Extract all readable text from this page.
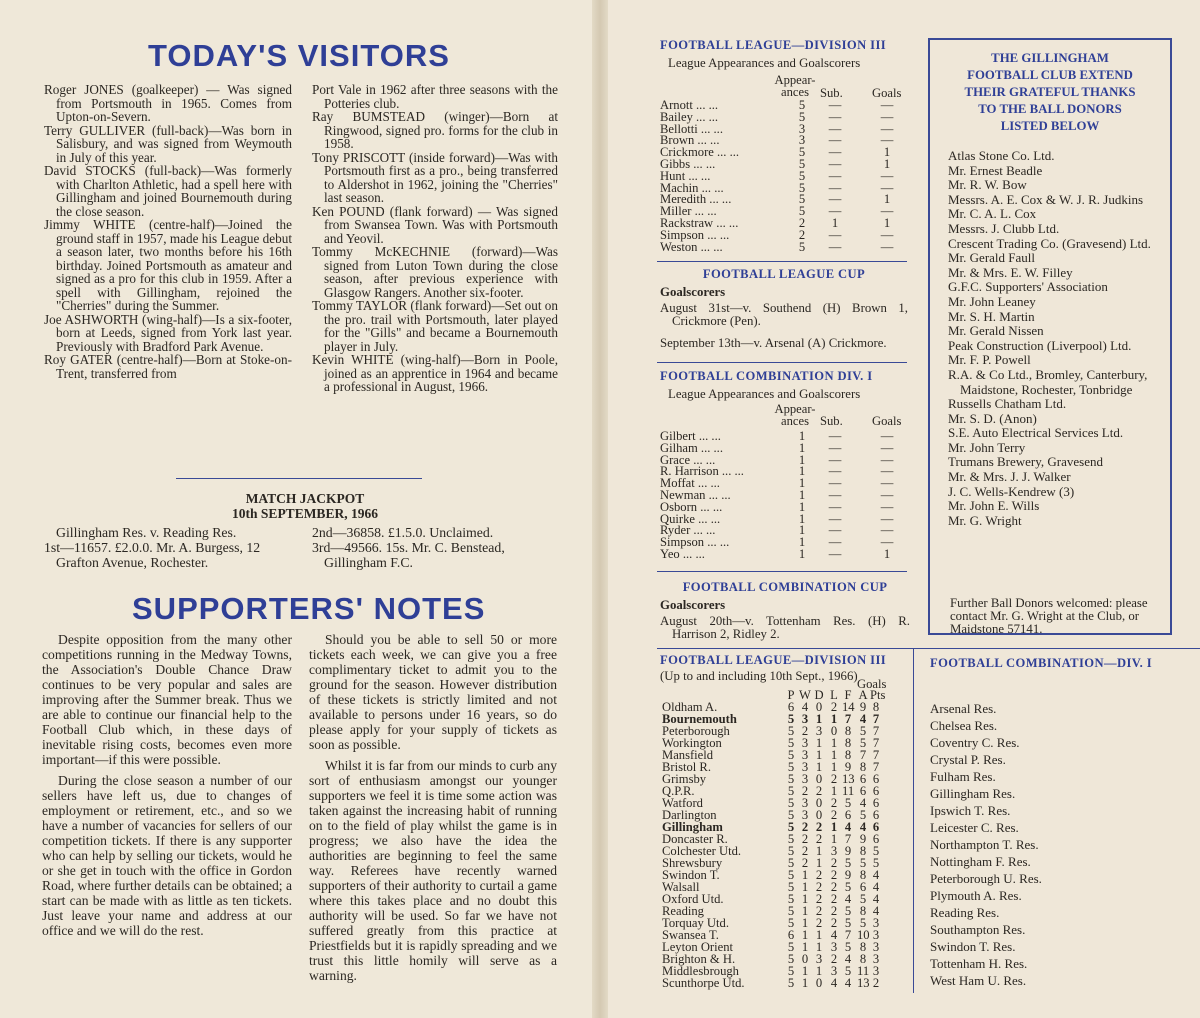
TODAY'S VISITORS

Roger JONES (goalkeeper) — Was signed from Portsmouth in 1965. Comes from Upton-on-Severn.

Terry GULLIVER (full-back)—Was born in Salisbury, and was signed from Weymouth in July of this year.

David STOCKS (full-back)—Was formerly with Charlton Athletic, had a spell here with Gillingham and joined Bournemouth during the close season.

Jimmy WHITE (centre-half)—Joined the ground staff in 1957, made his League debut a season later, two months before his 16th birthday. Joined Portsmouth as amateur and signed as a pro for this club in 1959. After a spell with Gillingham, rejoined the "Cherries" during the Summer.

Joe ASHWORTH (wing-half)—Is a six-footer, born at Leeds, signed from York last year. Previously with Bradford Park Avenue.

Roy GATER (centre-half)—Born at Stoke-on-Trent, transferred from

Port Vale in 1962 after three seasons with the Potteries club.

Ray BUMSTEAD (winger)—Born at Ringwood, signed pro. forms for the club in 1958.

Tony PRISCOTT (inside forward)—Was with Portsmouth first as a pro., being transferred to Aldershot in 1962, joining the "Cherries" last season.

Ken POUND (flank forward) — Was signed from Swansea Town. Was with Portsmouth and Yeovil.

Tommy McKECHNIE (forward)—Was signed from Luton Town during the close season, after previous experience with Glasgow Rangers. Another six-footer.

Tommy TAYLOR (flank forward)—Set out on the pro. trail with Portsmouth, later played for the "Gills" and became a Bournemouth player in July.

Kevin WHITE (wing-half)—Born in Poole, joined as an apprentice in 1964 and became a professional in August, 1966.

MATCH JACKPOT
10th SEPTEMBER, 1966
Gillingham Res. v. Reading Res.
1st—11657. £2.0.0. Mr. A. Burgess, 12
Grafton Avenue, Rochester.
2nd—36858. £1.5.0. Unclaimed.
3rd—49566. 15s. Mr. C. Benstead,
Gillingham F.C.
SUPPORTERS' NOTES

Despite opposition from the many other competitions running in the Medway Towns, the Association's Double Chance Draw continues to be very popular and sales are improving after the Summer break. Thus we are able to continue our financial help to the Football Club which, in these days of inevitable rising costs, becomes even more important—if this were possible.

During the close season a number of our sellers have left us, due to changes of employment or retirement, etc., and so we have a number of vacancies for sellers of our competition tickets. If there is any supporter who can help by selling our tickets, would he or she get in touch with the office in Gordon Road, where further details can be obtained; a start can be made with as little as ten tickets. Just leave your name and address at our office and we will do the rest.

Should you be able to sell 50 or more tickets each week, we can give you a free complimentary ticket to admit you to the ground for the season. However distribution of these tickets is strictly limited and not available to persons under 16 years, so do please apply for your supply of tickets as soon as possible.

Whilst it is far from our minds to curb any sort of enthusiasm amongst our younger supporters we feel it is time some action was taken against the increasing habit of running on to the field of play whilst the game is in progress; we also have the idea the authorities are beginning to feel the same way. Referees have recently warned supporters of their authority to curtail a game where this takes place and no doubt this authority will be used. So far we have not suffered greatly from this practice at Priestfields but it is rapidly spreading and we trust this little homily will serve as a warning.

FOOTBALL LEAGUE—DIVISION III

League Appearances and Goalscorers

Appear-
ances Sub. Goals
Arnott ... ...	5 —	—
Bailey ... ...	5 —	—
Bellotti ... ...	3 —	—
Brown ... ...	3 —	—
Crickmore ... ...	5 —	1
Gibbs ... ...	5 —	1
Hunt ... ...	5 —	—
Machin ... ...	5 —	—
Meredith ... ...	5 —	1
Miller ... ...	5 —	—
Rackstraw ... ...	2	1	1
Simpson ... ...	2 —	—
Weston ... ...	5 —	—

FOOTBALL LEAGUE CUP

Goalscorers

August 31st—v. Southend (H) Brown 1, Crickmore (Pen).

September 13th—v. Arsenal (A) Crickmore.

FOOTBALL COMBINATION DIV. I

League Appearances and Goalscorers

Appear-
ances Sub. Goals
Gilbert ... ...	1 —	—
Gilham ... ...	1 —	—
Grace ... ...	1 —	—
R. Harrison ... ...	1 —	—
Moffat ... ...	1 —	—
Newman ... ...	1 —	—
Osborn ... ...	1 —	—
Quirke ... ...	1 —	—
Ryder ... ...	1 —	—
Simpson ... ...	1 —	—
Yeo ... ...	1 —	1

FOOTBALL COMBINATION CUP

Goalscorers

August 20th—v. Tottenham Res. (H) R. Harrison 2, Ridley 2.

THE GILLINGHAM
FOOTBALL CLUB EXTEND
THEIR GRATEFUL THANKS
TO THE BALL DONORS
LISTED BELOW
Atlas Stone Co. Ltd.
Mr. Ernest Beadle
Mr. R. W. Bow
Messrs. A. E. Cox & W. J. R. Judkins
Mr. C. A. L. Cox
Messrs. J. Clubb Ltd.
Crescent Trading Co. (Gravesend) Ltd.
Mr. Gerald Faull
Mr. & Mrs. E. W. Filley
G.F.C. Supporters' Association
Mr. John Leaney
Mr. S. H. Martin
Mr. Gerald Nissen
Peak Construction (Liverpool) Ltd.
Mr. F. P. Powell
R.A. & Co Ltd., Bromley, Canterbury, Maidstone, Rochester, Tonbridge
Russells Chatham Ltd.
Mr. S. D. (Anon)
S.E. Auto Electrical Services Ltd.
Mr. John Terry
Trumans Brewery, Gravesend
Mr. & Mrs. J. J. Walker
J. C. Wells-Kendrew (3)
Mr. John E. Wills
Mr. G. Wright
Further Ball Donors welcomed: please contact Mr. G. Wright at the Club, or Maidstone 57141.

FOOTBALL LEAGUE—DIVISION III

(Up to and including 10th Sept., 1966)

Goals
P W D L F A Pts
Oldham A.	6 4 0 2 14 9 8
Bournemouth	5 3 1 1 7 4 7
Peterborough	5 2 3 0 8 5 7
Workington	5 3 1 1 8 5 7
Mansfield	5 3 1 1 8 7 7
Bristol R.	5 3 1 1 9 8 7
Grimsby	5 3 0 2 13 6 6
Q.P.R.	5 2 2 1 11 6 6
Watford	5 3 0 2 5 4 6
Darlington	5 3 0 2 6 5 6
Gillingham	5 2 2 1 4 4 6
Doncaster R.	5 2 2 1 7 9 6
Colchester Utd.	5 2 1 3 9 8 5
Shrewsbury	5 2 1 2 5 5 5
Swindon T.	5 1 2 2 9 8 4
Walsall	5 1 2 2 5 6 4
Oxford Utd.	5 1 2 2 4 5 4
Reading	5 1 2 2 5 8 4
Torquay Utd.	5 1 2 2 5 5 3
Swansea T.	6 1 1 4 7 10 3
Leyton Orient	5 1 1 3 5 8 3
Brighton & H.	5 0 3 2 4 8 3
Middlesbrough	5 1 1 3 5 11 3
Scunthorpe Utd.	5 1 0 4 4 13 2

FOOTBALL COMBINATION—DIV. I

Arsenal Res.
Chelsea Res.
Coventry C. Res.
Crystal P. Res.
Fulham Res.
Gillingham Res.
Ipswich T. Res.
Leicester C. Res.
Northampton T. Res.
Nottingham F. Res.
Peterborough U. Res.
Plymouth A. Res.
Reading Res.
Southampton Res.
Swindon T. Res.
Tottenham H. Res.
West Ham U. Res.
